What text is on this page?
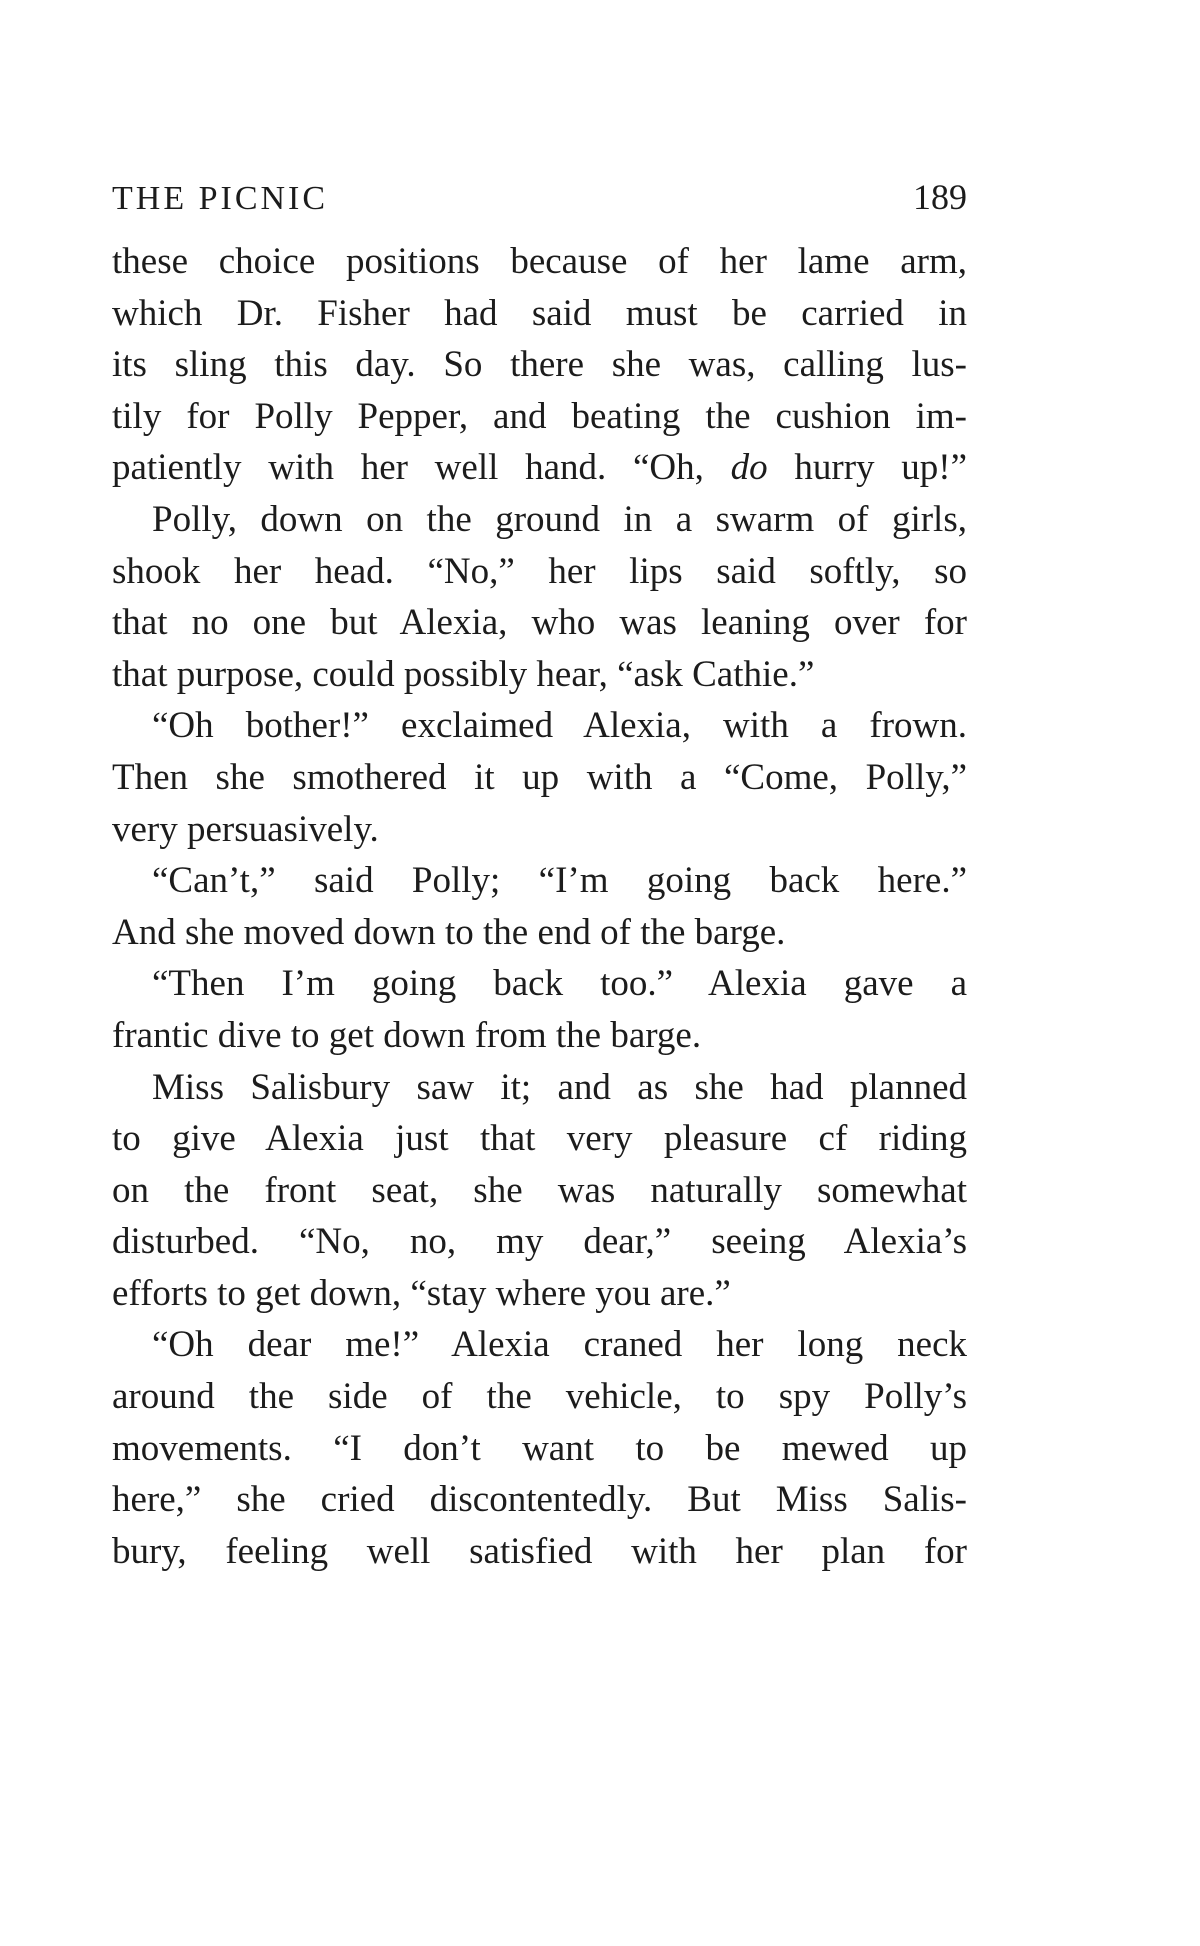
THE PICNIC	189
these choice positions because of her lame arm,
which Dr. Fisher had said must be carried in
its sling this day. So there she was, calling lus-
tily for Polly Pepper, and beating the cushion im-
patiently with her well hand. “Oh, do hurry up!”
Polly, down on the ground in a swarm of girls,
shook her head. “No,” her lips said softly, so
that no one but Alexia, who was leaning over for
that purpose, could possibly hear, “ask Cathie.”
“Oh bother!” exclaimed Alexia, with a frown.
Then she smothered it up with a “Come, Polly,”
very persuasively.
“Can’t,” said Polly; “I’m going back here.”
And she moved down to the end of the barge.
“Then I’m going back too.” Alexia gave a
frantic dive to get down from the barge.
Miss Salisbury saw it; and as she had planned
to give Alexia just that very pleasure cf riding
on the front seat, she was naturally somewhat
disturbed. “No, no, my dear,” seeing Alexia’s
efforts to get down, “stay where you are.”
“Oh dear me!” Alexia craned her long neck
around the side of the vehicle, to spy Polly’s
movements. “I don’t want to be mewed up
here,” she cried discontentedly. But Miss Salis-
bury, feeling well satisfied with her plan for
